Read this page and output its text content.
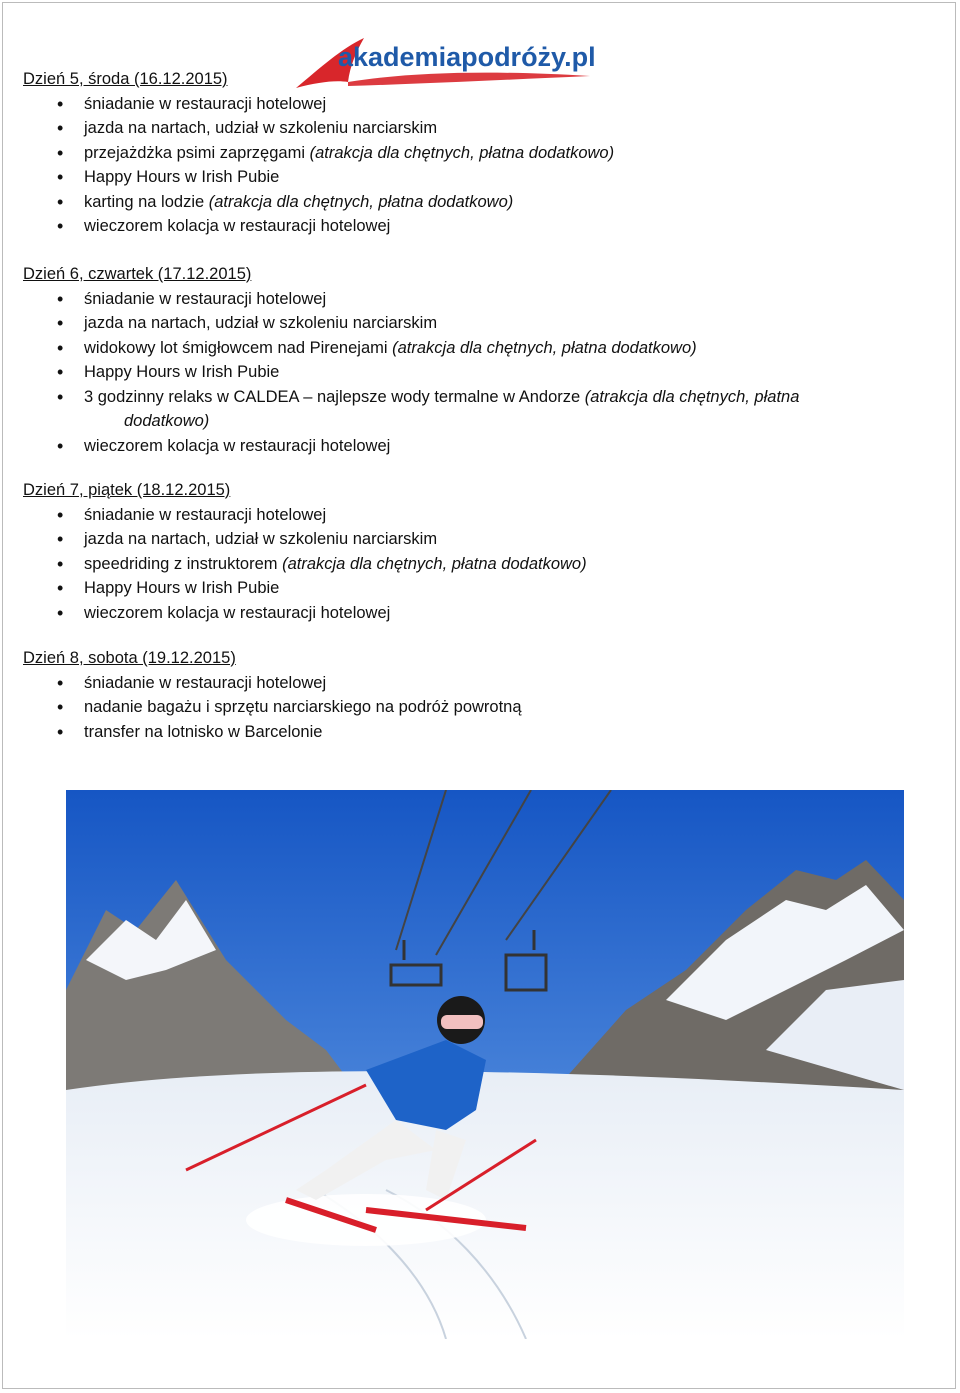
akademiapodróży.pl

Dzień 5, środa (16.12.2015)

• śniadanie w restauracji hotelowej
• jazda na nartach, udział w szkoleniu narciarskim
• przejażdżka psimi zaprzęgami (atrakcja dla chętnych, płatna dodatkowo)
• Happy Hours w Irish Pubie
• karting na lodzie (atrakcja dla chętnych, płatna dodatkowo)
• wieczorem kolacja w restauracji hotelowej

Dzień 6, czwartek (17.12.2015)

• śniadanie w restauracji hotelowej
• jazda na nartach, udział w szkoleniu narciarskim
• widokowy lot śmigłowcem nad Pirenejami (atrakcja dla chętnych, płatna dodatkowo)
• Happy Hours w Irish Pubie
• 3 godzinny relaks w CALDEA – najlepsze wody termalne w Andorze (atrakcja dla chętnych, płatna
dodatkowo)
• wieczorem kolacja w restauracji hotelowej

Dzień 7, piątek (18.12.2015)

• śniadanie w restauracji hotelowej
• jazda na nartach, udział w szkoleniu narciarskim
• speedriding z instruktorem (atrakcja dla chętnych, płatna dodatkowo)
• Happy Hours w Irish Pubie
• wieczorem kolacja w restauracji hotelowej

Dzień 8, sobota (19.12.2015)

• śniadanie w restauracji hotelowej
• nadanie bagażu i sprzętu narciarskiego na podróż powrotną
• transfer na lotnisko w Barcelonie
